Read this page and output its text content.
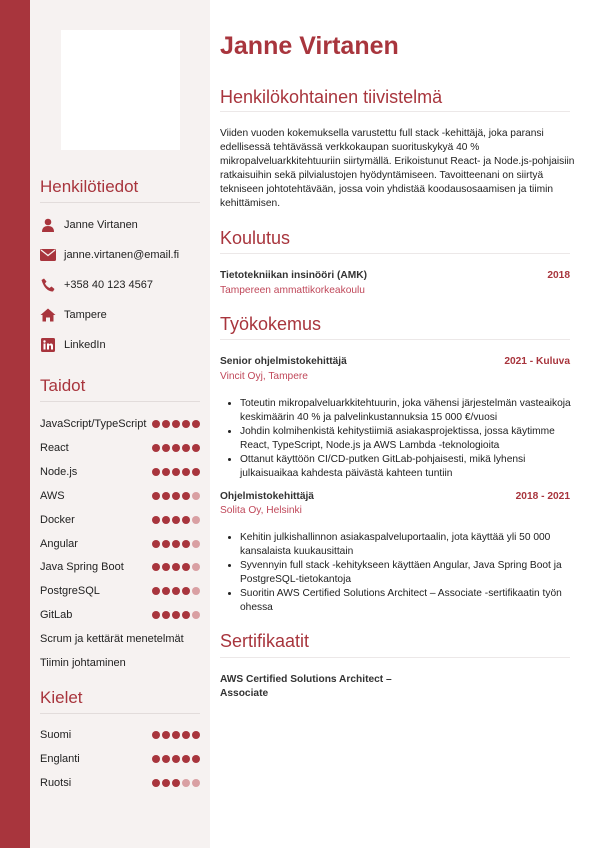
Henkilötiedot
Janne Virtanen
janne.virtanen@email.fi
+358 40 123 4567
Tampere
LinkedIn
Taidot
JavaScript/TypeScript
React
Node.js
AWS
Docker
Angular
Java Spring Boot
PostgreSQL
GitLab
Scrum ja kettärät menetelmät
Tiimin johtaminen
Kielet
Suomi
Englanti
Ruotsi
Janne Virtanen
Henkilökohtainen tiivistelmä
Viiden vuoden kokemuksella varustettu full stack -kehittäjä, joka paransi edellisessä tehtävässä verkkokaupan suorituskykyä 40 % mikropalveluarkkitehtuuriin siirtymällä. Erikoistunut React- ja Node.js-pohjaisiin ratkaisuihin sekä pilvialustojen hyödyntämiseen. Tavoitteenani on siirtyä tekniseen johtotehtävään, jossa voin yhdistää koodausosaamisen ja tiimin kehittämisen.
Koulutus
Tietotekniikan insinööri (AMK)	2018
Tampereen ammattikorkeakoulu
Työkokemus
Senior ohjelmistokehittäjä	2021 - Kuluva
Vincit Oyj, Tampere
• Toteutin mikropalveluarkkitehtuurin, joka vähensi järjestelmän vasteaikoja keskimäärin 40 % ja palvelinkustannuksia 15 000 €/vuosi
• Johdin kolmihenkistä kehitystiimiä asiakasprojektissa, jossa käytimme React, TypeScript, Node.js ja AWS Lambda -teknologioita
• Ottanut käyttöön CI/CD-putken GitLab-pohjaisesti, mikä lyhensi julkaisuaikaa kahdesta päivästä kahteen tuntiin
Ohjelmistokehittäjä	2018 - 2021
Solita Oy, Helsinki
• Kehitin julkishallinnon asiakaspalveluportaalin, jota käyttää yli 50 000 kansalaista kuukausittain
• Syvennyin full stack -kehitykseen käyttäen Angular, Java Spring Boot ja PostgreSQL-tietokantoja
• Suoritin AWS Certified Solutions Architect – Associate -sertifikaatin työn ohessa
Sertifikaatit
AWS Certified Solutions Architect – Associate
